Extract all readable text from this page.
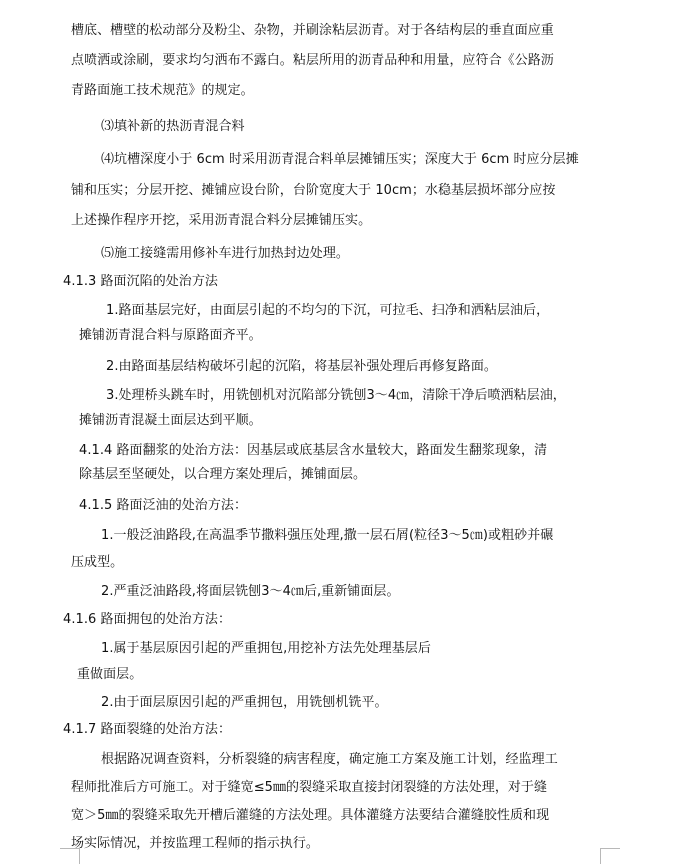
槽底、槽壁的松动部分及粉尘、杂物，并刷涂粘层沥青。对于各结构层的垂直面应重
点喷洒或涂刷，要求均匀洒布不露白。粘层所用的沥青品种和用量，应符合《公路沥
青路面施工技术规范》的规定。
⑶填补新的热沥青混合料
⑷坑槽深度小于 6cm 时采用沥青混合料单层摊铺压实；深度大于 6cm 时应分层摊
铺和压实；分层开挖、摊铺应设台阶，台阶宽度大于 10cm；水稳基层损坏部分应按
上述操作程序开挖，采用沥青混合料分层摊铺压实。
⑸施工接缝需用修补车进行加热封边处理。
4.1.3 路面沉陷的处治方法
1.路面基层完好，由面层引起的不均匀的下沉，可拉毛、扫净和洒粘层油后，
摊铺沥青混合料与原路面齐平。
2.由路面基层结构破坏引起的沉陷，将基层补强处理后再修复路面。
3.处理桥头跳车时，用铣刨机对沉陷部分铣刨3～4㎝，清除干净后喷洒粘层油，
摊铺沥青混凝土面层达到平顺。
4.1.4 路面翻浆的处治方法：因基层或底基层含水量较大，路面发生翻浆现象，清
除基层至坚硬处，以合理方案处理后，摊铺面层。
4.1.5 路面泛油的处治方法：
1.一般泛油路段,在高温季节撒料强压处理,撒一层石屑(粒径3～5㎝)或粗砂并碾
压成型。
2.严重泛油路段,将面层铣刨3～4㎝后,重新铺面层。
4.1.6 路面拥包的处治方法：
1.属于基层原因引起的严重拥包,用挖补方法先处理基层后
重做面层。
2.由于面层原因引起的严重拥包，用铣刨机铣平。
4.1.7 路面裂缝的处治方法：
根据路况调查资料，分析裂缝的病害程度，确定施工方案及施工计划，经监理工
程师批准后方可施工。对于缝宽≤5㎜的裂缝采取直接封闭裂缝的方法处理，对于缝
宽＞5㎜的裂缝采取先开槽后灌缝的方法处理。具体灌缝方法要结合灌缝胶性质和现
场实际情况，并按监理工程师的指示执行。
